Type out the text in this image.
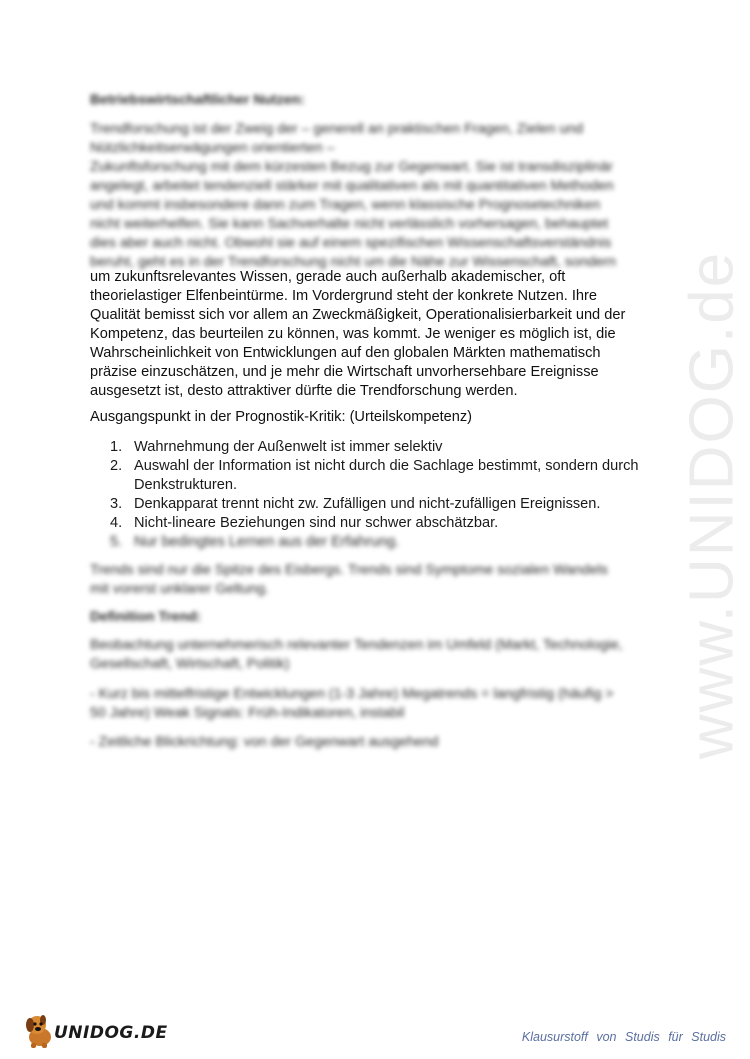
www.UNIDOG.de
Betriebswirtschaftlicher Nutzen:

Trendforschung ist der Zweig der – generell an praktischen Fragen, Zielen und

Nützlichkeitserwägungen orientierten –

Zukunftsforschung mit dem kürzesten Bezug zur Gegenwart. Sie ist transdisziplinär

angelegt, arbeitet tendenziell stärker mit qualitativen als mit quantitativen Methoden

und kommt insbesondere dann zum Tragen, wenn klassische Prognosetechniken

nicht weiterhelfen. Sie kann Sachverhalte nicht verlässlich vorhersagen, behauptet

dies aber auch nicht. Obwohl sie auf einem spezifischen Wissenschaftsverständnis

beruht, geht es in der Trendforschung nicht um die Nähe zur Wissenschaft, sondern

um zukunftsrelevantes Wissen, gerade auch außerhalb akademischer, oft
theorielastiger Elfenbeintürme. Im Vordergrund steht der konkrete Nutzen. Ihre
Qualität bemisst sich vor allem an Zweckmäßigkeit, Operationalisierbarkeit und der
Kompetenz, das beurteilen zu können, was kommt. Je weniger es möglich ist, die
Wahrscheinlichkeit von Entwicklungen auf den globalen Märkten mathematisch
präzise einzuschätzen, und je mehr die Wirtschaft unvorhersehbare Ereignisse
ausgesetzt ist, desto attraktiver dürfte die Trendforschung werden.
Ausgangspunkt in der Prognostik-Kritik: (Urteilskompetenz)
1. Wahrnehmung der Außenwelt ist immer selektiv
2. Auswahl der Information ist nicht durch die Sachlage bestimmt, sondern durch Denkstrukturen.
3. Denkapparat trennt nicht zw. Zufälligen und nicht-zufälligen Ereignissen.
4. Nicht-lineare Beziehungen sind nur schwer abschätzbar.
5. Nur bedingtes Lernen aus der Erfahrung.

Trends sind nur die Spitze des Eisbergs. Trends sind Symptome sozialen Wandels

mit vorerst unklarer Geltung.

Definition Trend:

Beobachtung unternehmerisch relevanter Tendenzen im Umfeld (Markt, Technologie,

Gesellschaft, Wirtschaft, Politik)

- Kurz bis mittelfristige Entwicklungen (1-3 Jahre) Megatrends = langfristig (häufig >

50 Jahre) Weak Signals: Früh-Indikatoren, instabil

- Zeitliche Blickrichtung: von der Gegenwart ausgehend
UNIDOG.DE	Klausurstoff von Studis für Studis
